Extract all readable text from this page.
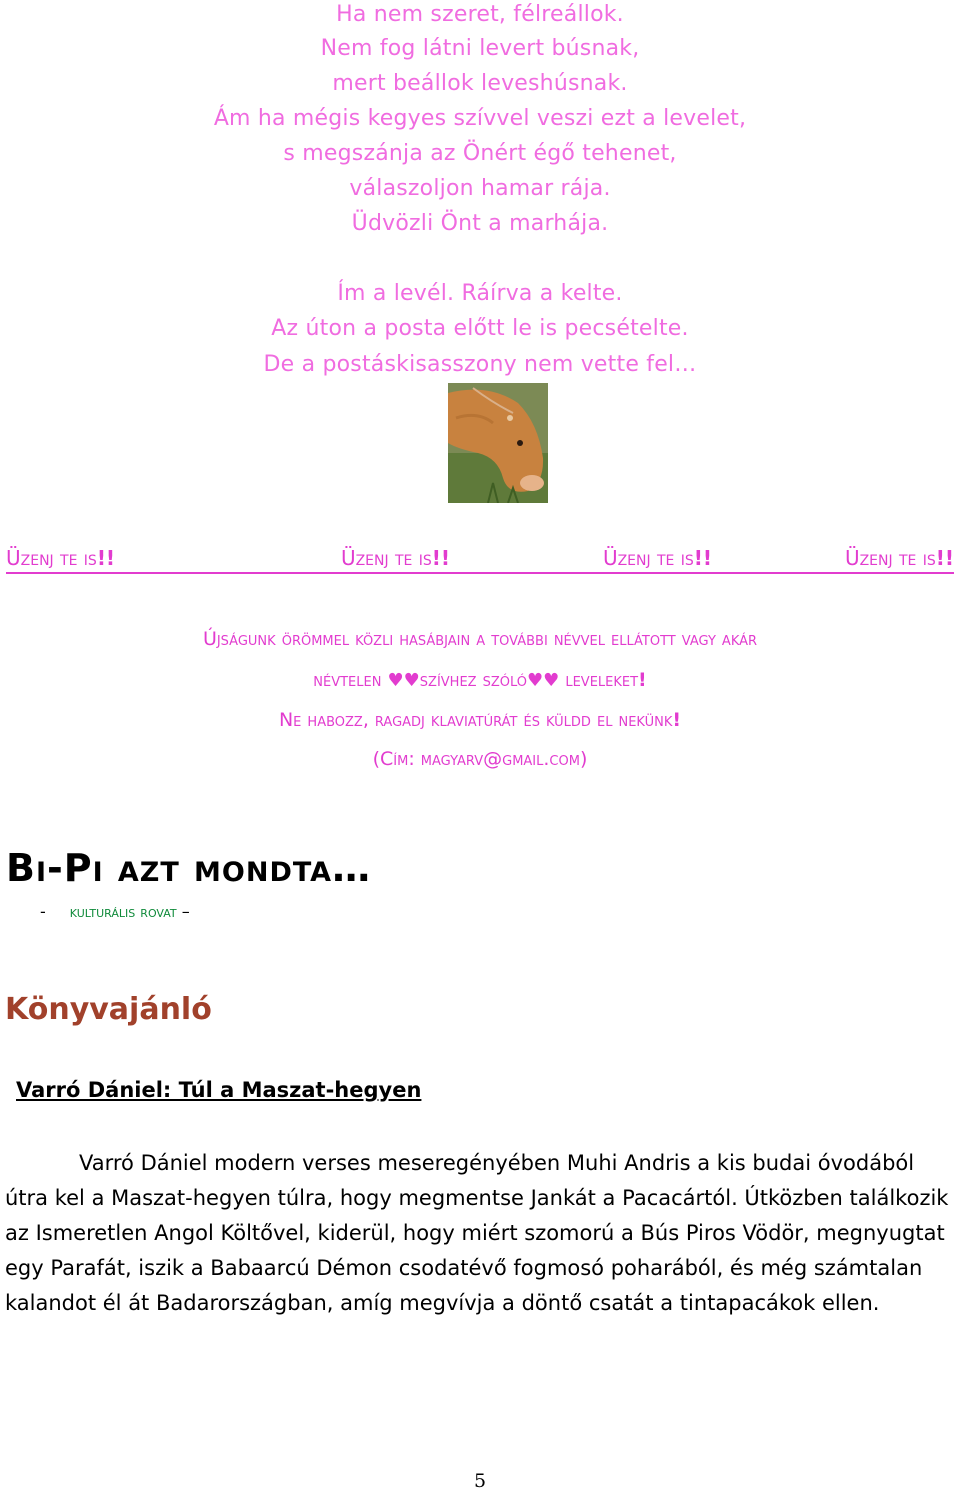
Ha nem szeret, félreállok.
Nem fog látni levert búsnak,
mert beállok leveshúsnak.
Ám ha mégis kegyes szívvel veszi ezt a levelet,
s megszánja az Önért égő tehenet,
válaszoljon hamar rája.
Üdvözli Önt a marhája.
Ím a levél. Ráírva a kelte.
Az úton a posta előtt le is pecsételte.
De a postáskisasszony nem vette fel…
Üzenj te is!!	Üzenj te is!!	Üzenj te is!!	Üzenj te is!!
Újságunk örömmel közli hasábjain a további névvel ellátott vagy akár
névtelen ♥♥szívhez szóló♥♥ leveleket!
Ne habozz, ragadj klaviatúrát és küldd el nekünk!
(Cím: magyarv@gmail.com)
Bi-Pi azt mondta…
- kulturális rovat –
Könyvajánló
Varró Dániel: Túl a Maszat-hegyen
Varró Dániel modern verses meseregényében Muhi Andris a kis budai óvodából útra kel a Maszat-hegyen túlra, hogy megmentse Jankát a Pacacártól. Útközben találkozik az Ismeretlen Angol Költővel, kiderül, hogy miért szomorú a Bús Piros Vödör, megnyugtat egy Parafát, iszik a Babaarcú Démon csodatévő fogmosó poharából, és még számtalan kalandot él át Badarországban, amíg megvívja a döntő csatát a tintapacákok ellen.
5
